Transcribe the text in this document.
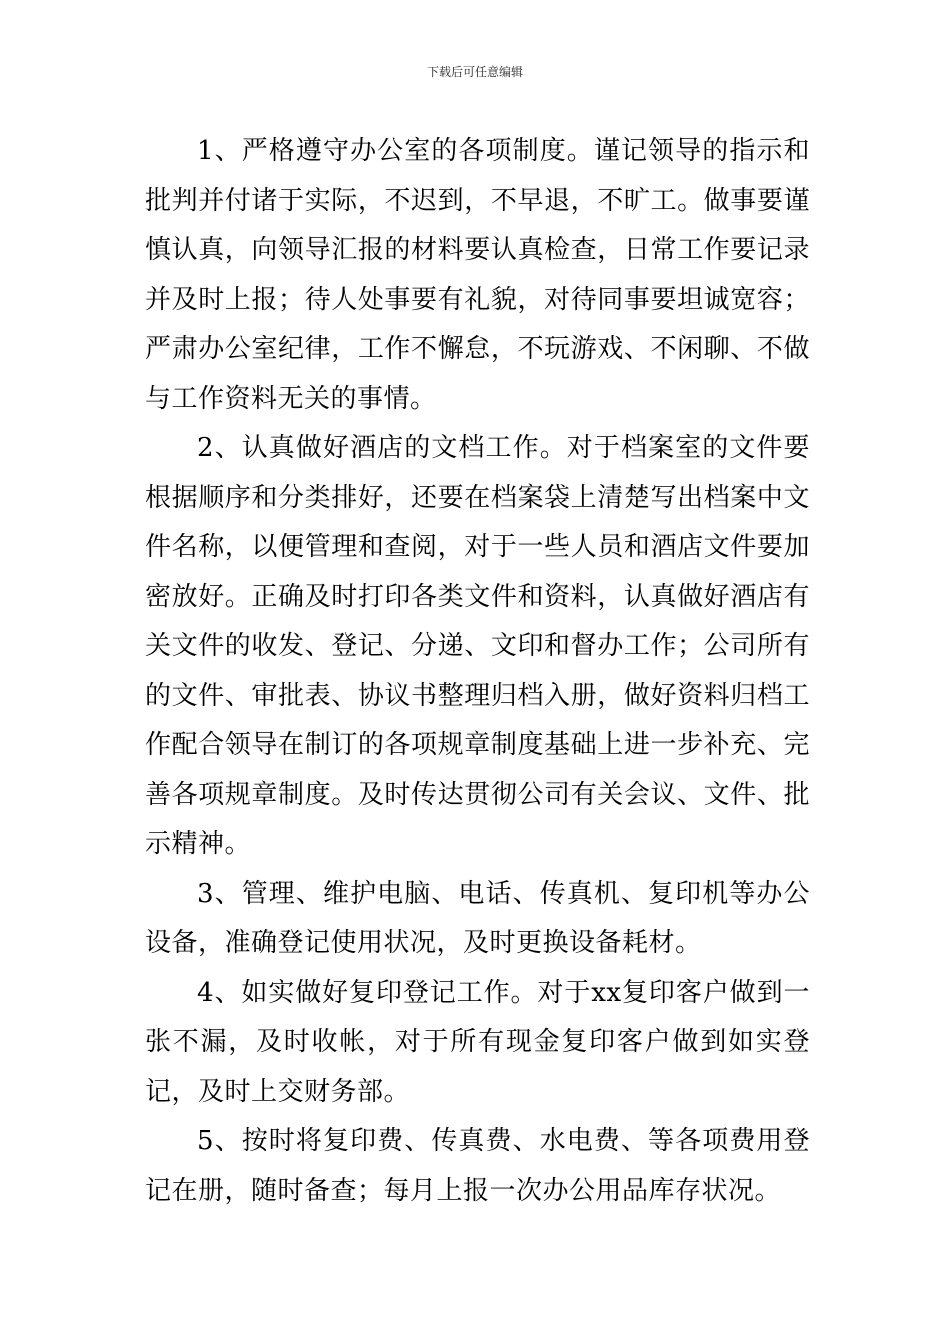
下载后可任意编辑

1、严格遵守办公室的各项制度。谨记领导的指示和批判并付诸于实际，不迟到，不早退，不旷工。做事要谨慎认真，向领导汇报的材料要认真检查，日常工作要记录并及时上报；待人处事要有礼貌，对待同事要坦诚宽容；严肃办公室纪律，工作不懈怠，不玩游戏、不闲聊、不做与工作资料无关的事情。

2、认真做好酒店的文档工作。对于档案室的文件要根据顺序和分类排好，还要在档案袋上清楚写出档案中文件名称，以便管理和查阅，对于一些人员和酒店文件要加密放好。正确及时打印各类文件和资料，认真做好酒店有关文件的收发、登记、分递、文印和督办工作；公司所有的文件、审批表、协议书整理归档入册，做好资料归档工作配合领导在制订的各项规章制度基础上进一步补充、完善各项规章制度。及时传达贯彻公司有关会议、文件、批示精神。

3、管理、维护电脑、电话、传真机、复印机等办公设备，准确登记使用状况，及时更换设备耗材。

4、如实做好复印登记工作。对于xx复印客户做到一张不漏，及时收帐，对于所有现金复印客户做到如实登记，及时上交财务部。

5、按时将复印费、传真费、水电费、等各项费用登记在册，随时备查；每月上报一次办公用品库存状况。
